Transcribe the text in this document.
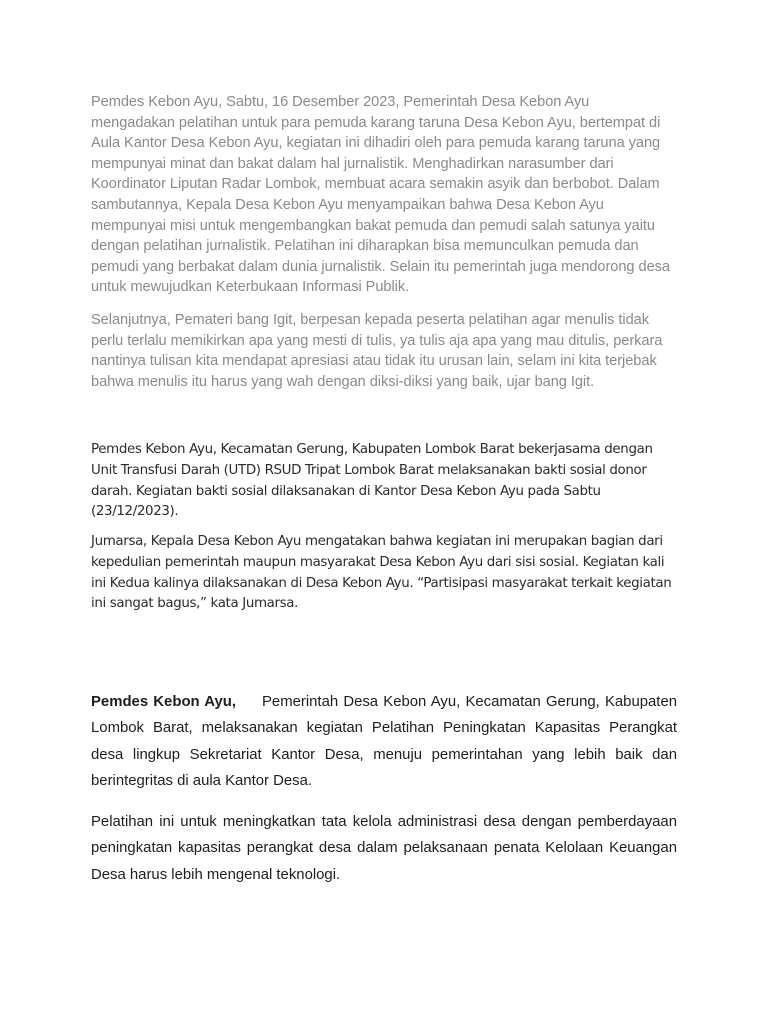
Pemdes Kebon Ayu, Sabtu, 16 Desember 2023, Pemerintah Desa Kebon Ayu mengadakan pelatihan untuk para pemuda karang taruna Desa Kebon Ayu, bertempat di Aula Kantor Desa Kebon Ayu, kegiatan ini dihadiri oleh para pemuda karang taruna yang mempunyai minat dan bakat dalam hal jurnalistik. Menghadirkan narasumber dari Koordinator Liputan Radar Lombok, membuat acara semakin asyik dan berbobot. Dalam sambutannya, Kepala Desa Kebon Ayu menyampaikan bahwa Desa Kebon Ayu mempunyai misi untuk mengembangkan bakat pemuda dan pemudi salah satunya yaitu dengan pelatihan jurnalistik. Pelatihan ini diharapkan bisa memunculkan pemuda dan pemudi yang berbakat dalam dunia jurnalistik. Selain itu pemerintah juga mendorong desa untuk mewujudkan Keterbukaan Informasi Publik.

Selanjutnya, Pemateri bang Igit, berpesan kepada peserta pelatihan agar menulis tidak perlu terlalu memikirkan apa yang mesti di tulis, ya tulis aja apa yang mau ditulis, perkara nantinya tulisan kita mendapat apresiasi atau tidak itu urusan lain, selam ini kita terjebak bahwa menulis itu harus yang wah dengan diksi-diksi yang baik, ujar bang Igit.

Pemdes Kebon Ayu, Kecamatan Gerung, Kabupaten Lombok Barat bekerjasama dengan Unit Transfusi Darah (UTD) RSUD Tripat Lombok Barat melaksanakan bakti sosial donor darah. Kegiatan bakti sosial dilaksanakan di Kantor Desa Kebon Ayu pada Sabtu (23/12/2023).

Jumarsa, Kepala Desa Kebon Ayu mengatakan bahwa kegiatan ini merupakan bagian dari kepedulian pemerintah maupun masyarakat Desa Kebon Ayu dari sisi sosial. Kegiatan kali ini Kedua kalinya dilaksanakan di Desa Kebon Ayu. “Partisipasi masyarakat terkait kegiatan ini sangat bagus,” kata Jumarsa.

Pemdes Kebon Ayu, Pemerintah Desa Kebon Ayu, Kecamatan Gerung, Kabupaten Lombok Barat, melaksanakan kegiatan Pelatihan Peningkatan Kapasitas Perangkat desa lingkup Sekretariat Kantor Desa, menuju pemerintahan yang lebih baik dan berintegritas di aula Kantor Desa.

Pelatihan ini untuk meningkatkan tata kelola administrasi desa dengan pemberdayaan peningkatan kapasitas perangkat desa dalam pelaksanaan penata Kelolaan Keuangan Desa harus lebih mengenal teknologi.
